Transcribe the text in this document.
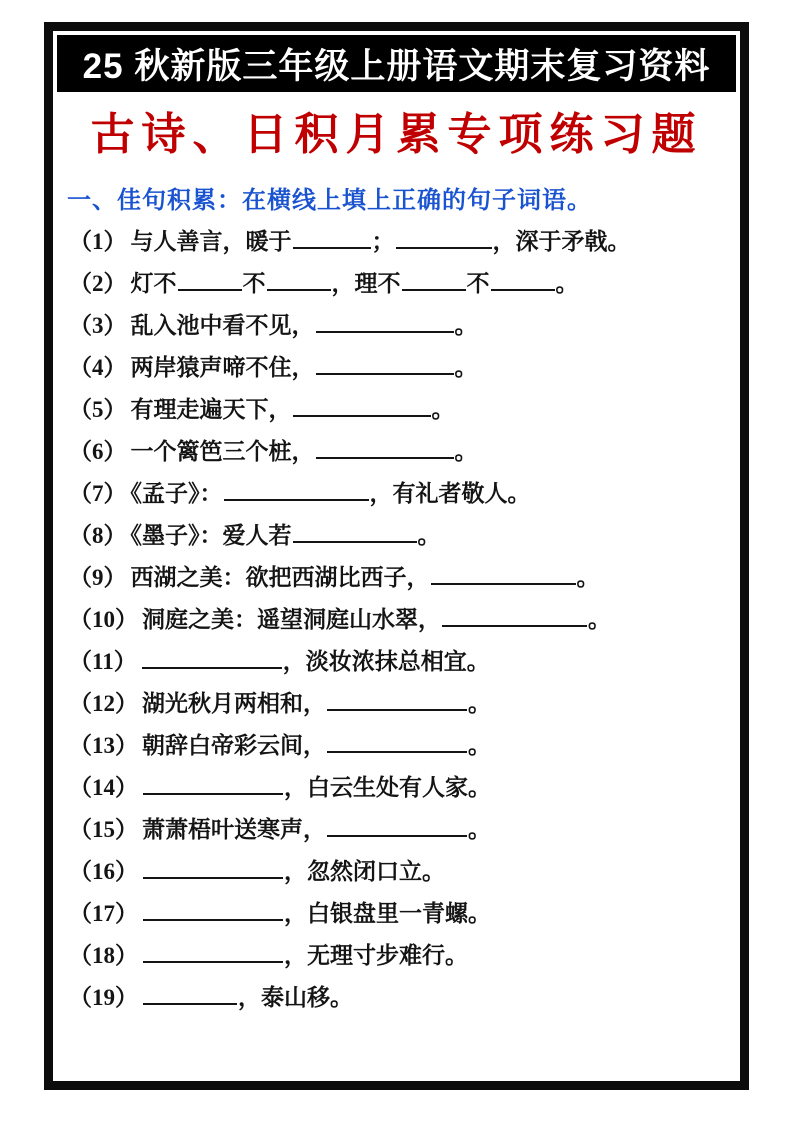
25 秋新版三年级上册语文期末复习资料
古诗、日积月累专项练习题
一、佳句积累：在横线上填上正确的句子词语。
（1） 与人善言，暖于	；	，深于矛戟。
（2） 灯不	不	，理不	不	。
（3） 乱入池中看不见，	。
（4） 两岸猿声啼不住，	。
（5） 有理走遍天下，	。
（6） 一个篱笆三个桩，	。
（7） 《孟子》：	，有礼者敬人。
（8） 《墨子》：爱人若	。
（9） 西湖之美：欲把西湖比西子，	。
（10） 洞庭之美：遥望洞庭山水翠，	。
（11）	，淡妆浓抹总相宜。
（12） 湖光秋月两相和，	。
（13） 朝辞白帝彩云间，	。
（14）	，白云生处有人家。
（15） 萧萧梧叶送寒声，	。
（16）	，忽然闭口立。
（17）	，白银盘里一青螺。
（18）	，无理寸步难行。
（19）	，泰山移。
